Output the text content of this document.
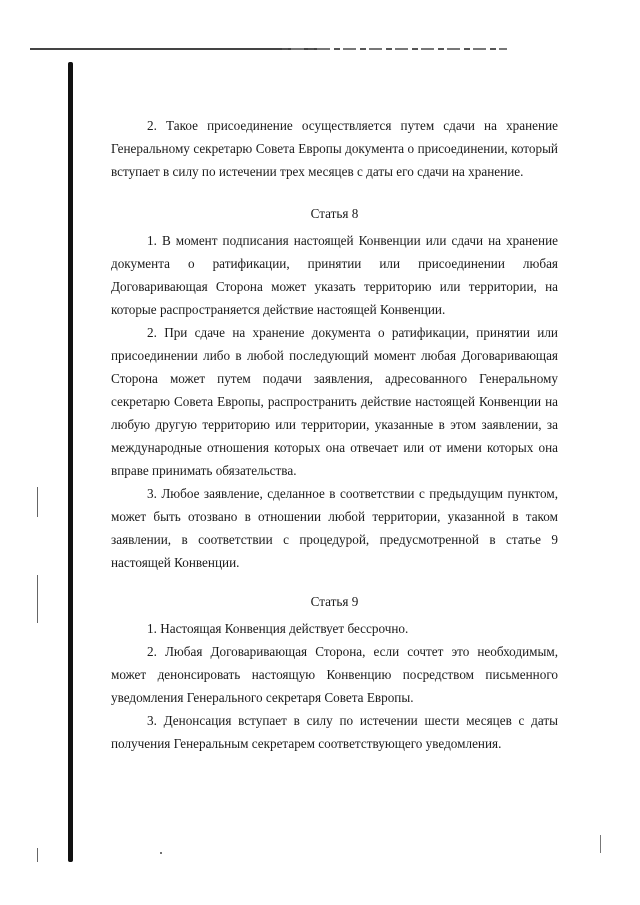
2. Такое присоединение осуществляется путем сдачи на хранение Генеральному секретарю Совета Европы документа о присоединении, который вступает в силу по истечении трех месяцев с даты его сдачи на хранение.

Статья 8

1. В момент подписания настоящей Конвенции или сдачи на хранение документа о ратификации, принятии или присоединении любая Договаривающая Сторона может указать территорию или территории, на которые распространяется действие настоящей Конвенции.

2. При сдаче на хранение документа о ратификации, принятии или присоединении либо в любой последующий момент любая Договаривающая Сторона может путем подачи заявления, адресованного Генеральному секретарю Совета Европы, распространить действие настоящей Конвенции на любую другую территорию или территории, указанные в этом заявлении, за международные отношения которых она отвечает или от имени которых она вправе принимать обязательства.

3. Любое заявление, сделанное в соответствии с предыдущим пунктом, может быть отозвано в отношении любой территории, указанной в таком заявлении, в соответствии с процедурой, предусмотренной в статье 9 настоящей Конвенции.

Статья 9

1. Настоящая Конвенция действует бессрочно.

2. Любая Договаривающая Сторона, если сочтет это необходимым, может денонсировать настоящую Конвенцию посредством письменного уведомления Генерального секретаря Совета Европы.

3. Денонсация вступает в силу по истечении шести месяцев с даты получения Генеральным секретарем соответствующего уведомления.
